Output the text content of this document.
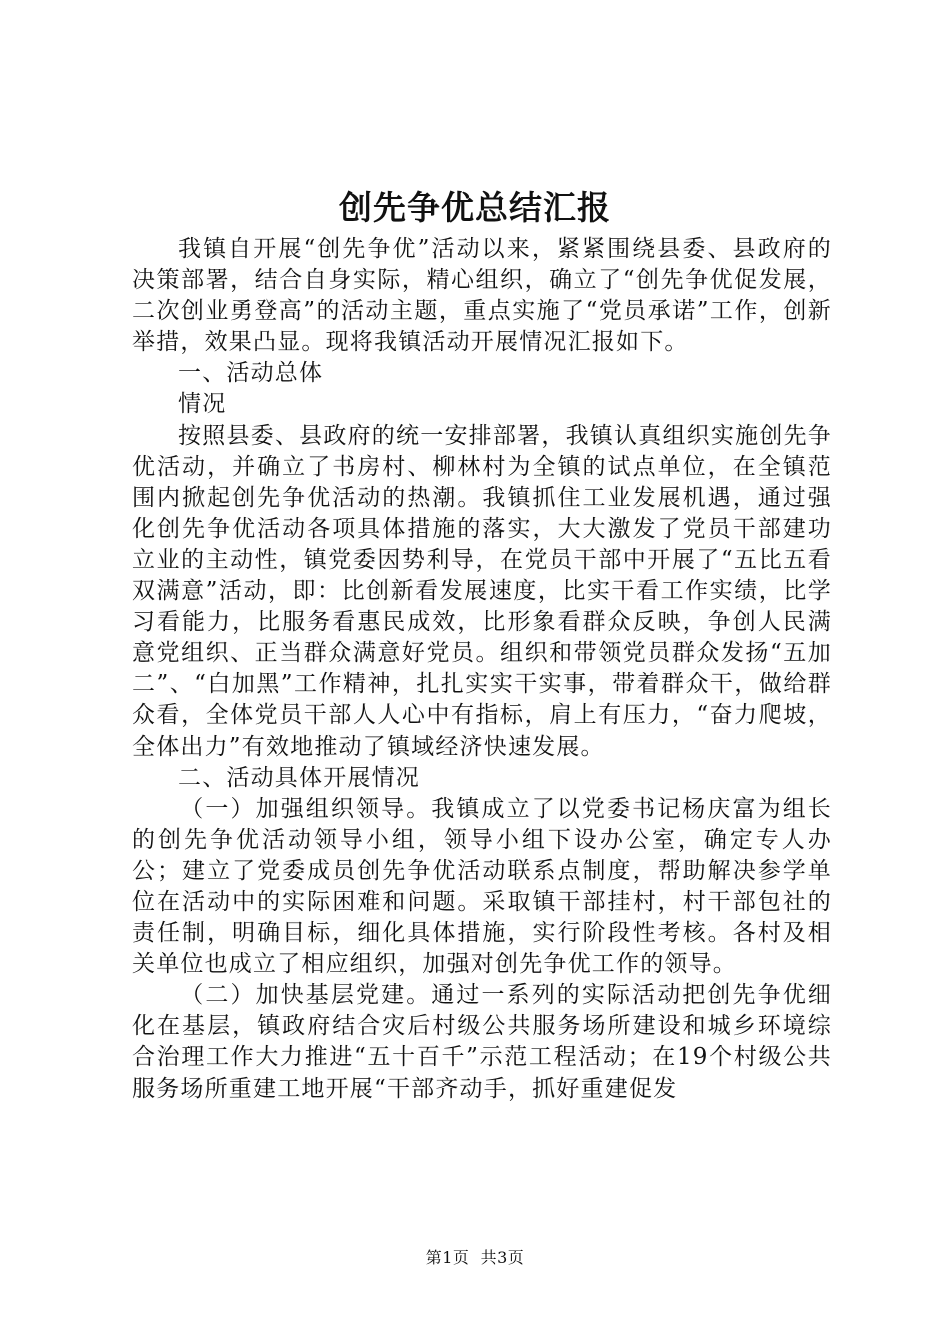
创先争优总结汇报

我镇自开展“创先争优”活动以来，紧紧围绕县委、县政府的决策部署，结合自身实际，精心组织，确立了“创先争优促发展，二次创业勇登高”的活动主题，重点实施了“党员承诺”工作，创新举措，效果凸显。现将我镇活动开展情况汇报如下。

一、活动总体

情况

按照县委、县政府的统一安排部署，我镇认真组织实施创先争优活动，并确立了书房村、柳林村为全镇的试点单位，在全镇范围内掀起创先争优活动的热潮。我镇抓住工业发展机遇，通过强化创先争优活动各项具体措施的落实，大大激发了党员干部建功立业的主动性，镇党委因势利导，在党员干部中开展了“五比五看双满意”活动，即：比创新看发展速度，比实干看工作实绩，比学习看能力，比服务看惠民成效，比形象看群众反映，争创人民满意党组织、正当群众满意好党员。组织和带领党员群众发扬“五加二”、“白加黑”工作精神，扎扎实实干实事，带着群众干，做给群众看，全体党员干部人人心中有指标，肩上有压力，“奋力爬坡，全体出力”有效地推动了镇域经济快速发展。

二、活动具体开展情况

（一）加强组织领导。我镇成立了以党委书记杨庆富为组长的创先争优活动领导小组，领导小组下设办公室，确定专人办公；建立了党委成员创先争优活动联系点制度，帮助解决参学单位在活动中的实际困难和问题。采取镇干部挂村，村干部包社的责任制，明确目标，细化具体措施，实行阶段性考核。各村及相关单位也成立了相应组织，加强对创先争优工作的领导。

（二）加快基层党建。通过一系列的实际活动把创先争优细化在基层，镇政府结合灾后村级公共服务场所建设和城乡环境综合治理工作大力推进“五十百千”示范工程活动；在19个村级公共服务场所重建工地开展“干部齐动手，抓好重建促发

第1页  共3页
